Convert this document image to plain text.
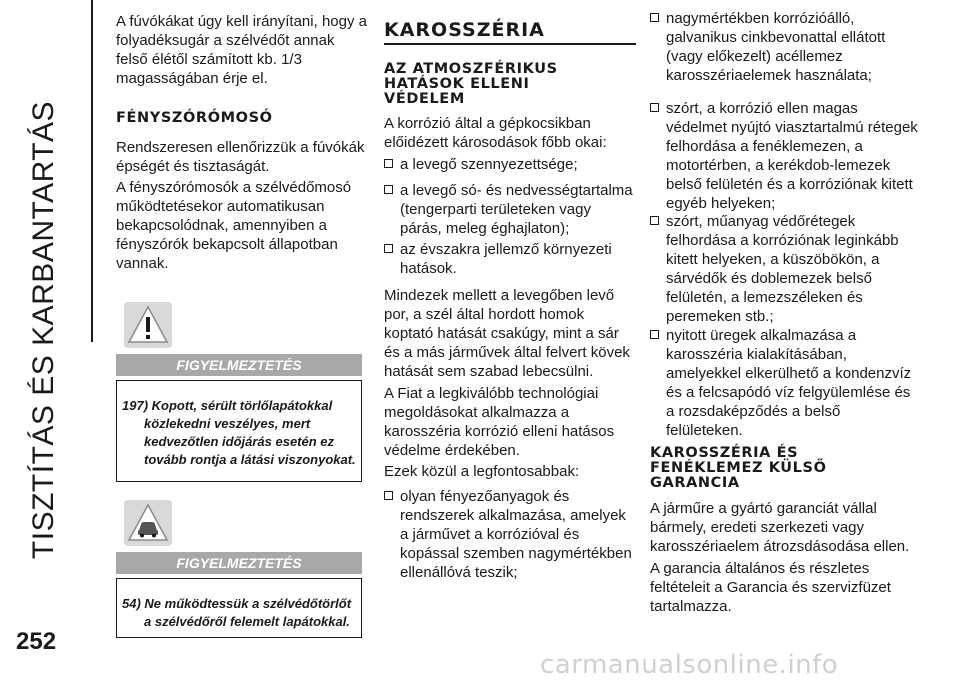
TISZTÍTÁS ÉS KARBANTARTÁS
252

A fúvókákat úgy kell irányítani, hogy a folyadéksugár a szélvédőt annak felső élétől számított kb. 1/3 magasságában érje el.

FÉNYSZÓRÓMOSÓ

Rendszeresen ellenőrizzük a fúvókák épségét és tisztaságát.

A fényszórómosók a szélvédőmosó működtetésekor automatikusan bekapcsolódnak, amennyiben a fényszórók bekapcsolt állapotban vannak.

FIGYELMEZTETÉS
197) Kopott, sérült törlőlapátokkal
közlekedni veszélyes, mert kedvezőtlen időjárás esetén ez tovább rontja a látási viszonyokat.
FIGYELMEZTETÉS
54) Ne működtessük a szélvédőtörlőt
a szélvédőről felemelt lapátokkal.
KAROSSZÉRIA
AZ ATMOSZFÉRIKUS HATÁSOK ELLENI VÉDELEM

A korrózió által a gépkocsikban előidézett károsodások főbb okai:

a levegő szennyezettsége;
a levegő só- és nedvességtartalma (tengerparti területeken vagy párás, meleg éghajlaton);
az évszakra jellemző környezeti hatások.

Mindezek mellett a levegőben levő por, a szél által hordott homok koptató hatását csakúgy, mint a sár és a más járművek által felvert kövek hatását sem szabad lebecsülni.

A Fiat a legkiválóbb technológiai megoldásokat alkalmazza a karosszéria korrózió elleni hatásos védelme érdekében.

Ezek közül a legfontosabbak:

olyan fényezőanyagok és rendszerek alkalmazása, amelyek a járművet a korrózióval és kopással szemben nagymértékben ellenállóvá teszik;
nagymértékben korrózióálló, galvanikus cinkbevonattal ellátott (vagy előkezelt) acéllemez karosszériaelemek használata;
szórt, a korrózió ellen magas védelmet nyújtó viasztartalmú rétegek felhordása a fenéklemezen, a motortérben, a kerékdob-lemezek belső felületén és a korróziónak kitett egyéb helyeken;
szórt, műanyag védőrétegek felhordása a korróziónak leginkább kitett helyeken, a küszöbökön, a sárvédők és doblemezek belső felületén, a lemezszéleken és peremeken stb.;
nyitott üregek alkalmazása a karosszéria kialakításában, amelyekkel elkerülhető a kondenzvíz és a felcsapódó víz felgyülemlése és a rozsdaképződés a belső felületeken.
KAROSSZÉRIA ÉS FENÉKLEMEZ KÜLSŐ GARANCIA

A járműre a gyártó garanciát vállal bármely, eredeti szerkezeti vagy karosszériaelem átrozsdásodása ellen.

A garancia általános és részletes feltételeit a Garancia és szervizfüzet tartalmazza.

carmanualsonline.info
